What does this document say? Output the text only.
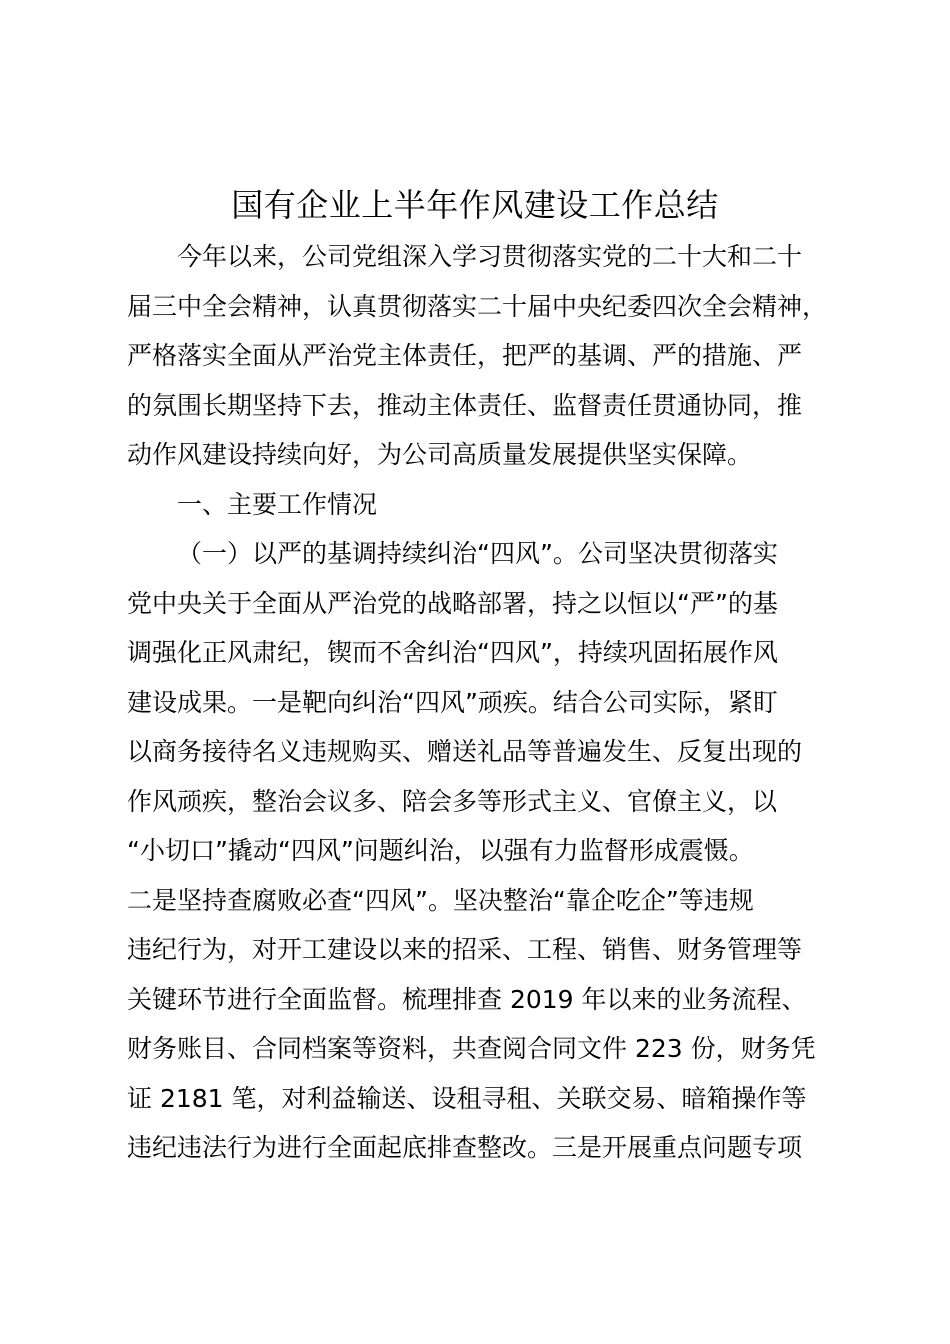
国有企业上半年作风建设工作总结
今年以来，公司党组深入学习贯彻落实党的二十大和二十
届三中全会精神，认真贯彻落实二十届中央纪委四次全会精神，
严格落实全面从严治党主体责任，把严的基调、严的措施、严
的氛围长期坚持下去，推动主体责任、监督责任贯通协同，推
动作风建设持续向好，为公司高质量发展提供坚实保障。
一、主要工作情况
（一）以严的基调持续纠治“四风”。公司坚决贯彻落实
党中央关于全面从严治党的战略部署，持之以恒以“严”的基
调强化正风肃纪，锲而不舍纠治“四风”，持续巩固拓展作风
建设成果。一是靶向纠治“四风”顽疾。结合公司实际，紧盯
以商务接待名义违规购买、赠送礼品等普遍发生、反复出现的
作风顽疾，整治会议多、陪会多等形式主义、官僚主义，以
“小切口”撬动“四风”问题纠治，以强有力监督形成震慑。
二是坚持查腐败必查“四风”。坚决整治“靠企吃企”等违规
违纪行为，对开工建设以来的招采、工程、销售、财务管理等
关键环节进行全面监督。梳理排查 2019 年以来的业务流程、
财务账目、合同档案等资料，共查阅合同文件 223 份，财务凭
证 2181 笔，对利益输送、设租寻租、关联交易、暗箱操作等
违纪违法行为进行全面起底排查整改。三是开展重点问题专项
